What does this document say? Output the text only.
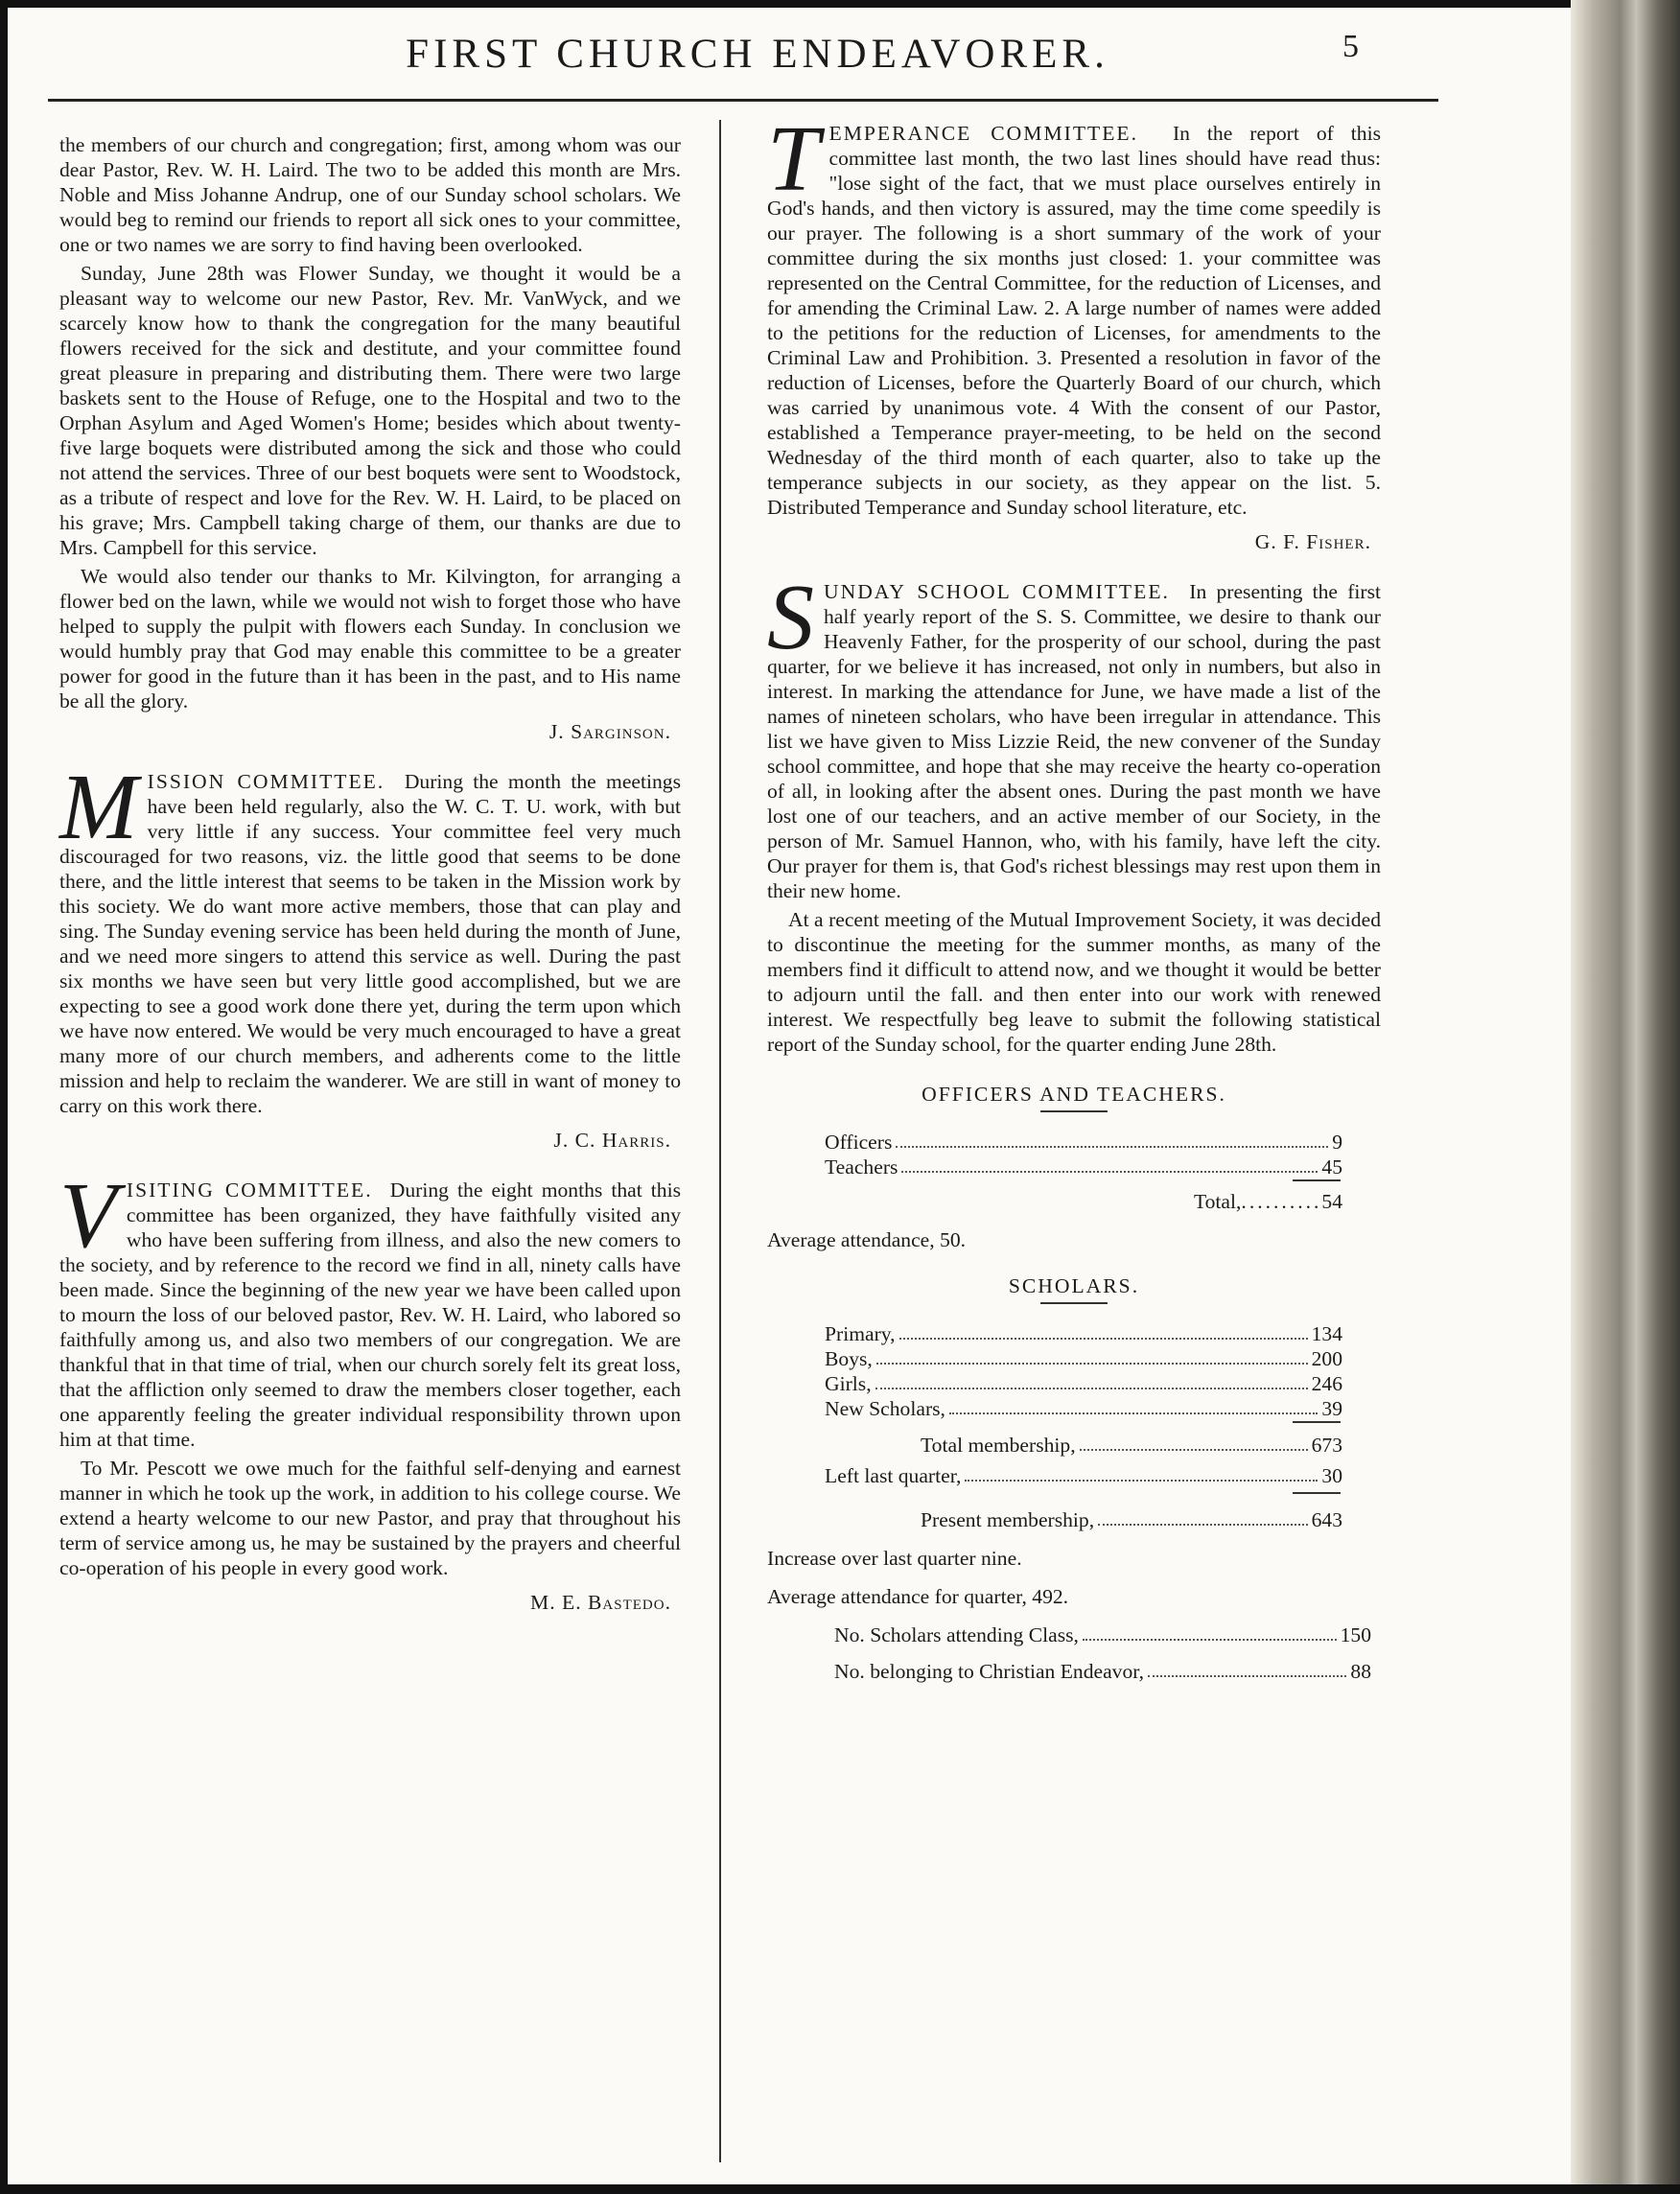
FIRST CHURCH ENDEAVORER.	5

the members of our church and congregation; first, among whom was our dear Pastor, Rev. W. H. Laird. The two to be added this month are Mrs. Noble and Miss Johanne Andrup, one of our Sunday school scholars. We would beg to remind our friends to report all sick ones to your committee, one or two names we are sorry to find having been overlooked.

Sunday, June 28th was Flower Sunday, we thought it would be a pleasant way to welcome our new Pastor, Rev. Mr. VanWyck, and we scarcely know how to thank the congregation for the many beautiful flowers received for the sick and destitute, and your committee found great pleasure in preparing and distributing them. There were two large baskets sent to the House of Refuge, one to the Hospital and two to the Orphan Asylum and Aged Women's Home; besides which about twenty-five large boquets were distributed among the sick and those who could not attend the services. Three of our best boquets were sent to Woodstock, as a tribute of respect and love for the Rev. W. H. Laird, to be placed on his grave; Mrs. Campbell taking charge of them, our thanks are due to Mrs. Campbell for this service.

We would also tender our thanks to Mr. Kilvington, for arranging a flower bed on the lawn, while we would not wish to forget those who have helped to supply the pulpit with flowers each Sunday. In conclusion we would humbly pray that God may enable this committee to be a greater power for good in the future than it has been in the past, and to His name be all the glory.

J. Sarginson.
M ISSION COMMITTEE. During the month the meetings have been held regularly, also the W. C. T. U. work, with but very little if any success. Your committee feel very much discouraged for two reasons, viz. the little good that seems to be done there, and the little interest that seems to be taken in the Mission work by this society. We do want more active members, those that can play and sing. The Sunday evening service has been held during the month of June, and we need more singers to attend this service as well. During the past six months we have seen but very little good accomplished, but we are expecting to see a good work done there yet, during the term upon which we have now entered. We would be very much encouraged to have a great many more of our church members, and adherents come to the little mission and help to reclaim the wanderer. We are still in want of money to carry on this work there.

J. C. Harris.
V ISITING COMMITTEE. During the eight months that this committee has been organized, they have faithfully visited any who have been suffering from illness, and also the new comers to the society, and by reference to the record we find in all, ninety calls have been made. Since the beginning of the new year we have been called upon to mourn the loss of our beloved pastor, Rev. W. H. Laird, who labored so faithfully among us, and also two members of our congregation. We are thankful that in that time of trial, when our church sorely felt its great loss, that the affliction only seemed to draw the members closer together, each one apparently feeling the greater individual responsibility thrown upon him at that time.

To Mr. Pescott we owe much for the faithful self-denying and earnest manner in which he took up the work, in addition to his college course. We extend a hearty welcome to our new Pastor, and pray that throughout his term of service among us, he may be sustained by the prayers and cheerful co-operation of his people in every good work.

M. E. Bastedo.
T EMPERANCE COMMITTEE. In the report of this committee last month, the two last lines should have read thus: "lose sight of the fact, that we must place ourselves entirely in God's hands, and then victory is assured, may the time come speedily is our prayer. The following is a short summary of the work of your committee during the six months just closed: 1. your committee was represented on the Central Committee, for the reduction of Licenses, and for amending the Criminal Law. 2. A large number of names were added to the petitions for the reduction of Licenses, for amendments to the Criminal Law and Prohibition. 3. Presented a resolution in favor of the reduction of Licenses, before the Quarterly Board of our church, which was carried by unanimous vote. 4 With the consent of our Pastor, established a Temperance prayer-meeting, to be held on the second Wednesday of the third month of each quarter, also to take up the temperance subjects in our society, as they appear on the list. 5. Distributed Temperance and Sunday school literature, etc.

G. F. Fisher.
S UNDAY SCHOOL COMMITTEE. In presenting the first half yearly report of the S. S. Committee, we desire to thank our Heavenly Father, for the prosperity of our school, during the past quarter, for we believe it has increased, not only in numbers, but also in interest. In marking the attendance for June, we have made a list of the names of nineteen scholars, who have been irregular in attendance. This list we have given to Miss Lizzie Reid, the new convener of the Sunday school committee, and hope that she may receive the hearty co-operation of all, in looking after the absent ones. During the past month we have lost one of our teachers, and an active member of our Society, in the person of Mr. Samuel Hannon, who, with his family, have left the city. Our prayer for them is, that God's richest blessings may rest upon them in their new home.

At a recent meeting of the Mutual Improvement Society, it was decided to discontinue the meeting for the summer months, as many of the members find it difficult to attend now, and we thought it would be better to adjourn until the fall. and then enter into our work with renewed interest. We respectfully beg leave to submit the following statistical report of the Sunday school, for the quarter ending June 28th.

OFFICERS AND TEACHERS.
Officers	9
Teachers	45
Total, .......... 54
Average attendance, 50.
SCHOLARS.
Primary,	134
Boys,	200
Girls,	246
New Scholars,	39
Total membership,	673
Left last quarter,	30
Present membership,	643
Increase over last quarter nine.
Average attendance for quarter, 492.
No. Scholars attending Class,	150
No. belonging to Christian Endeavor,	88
